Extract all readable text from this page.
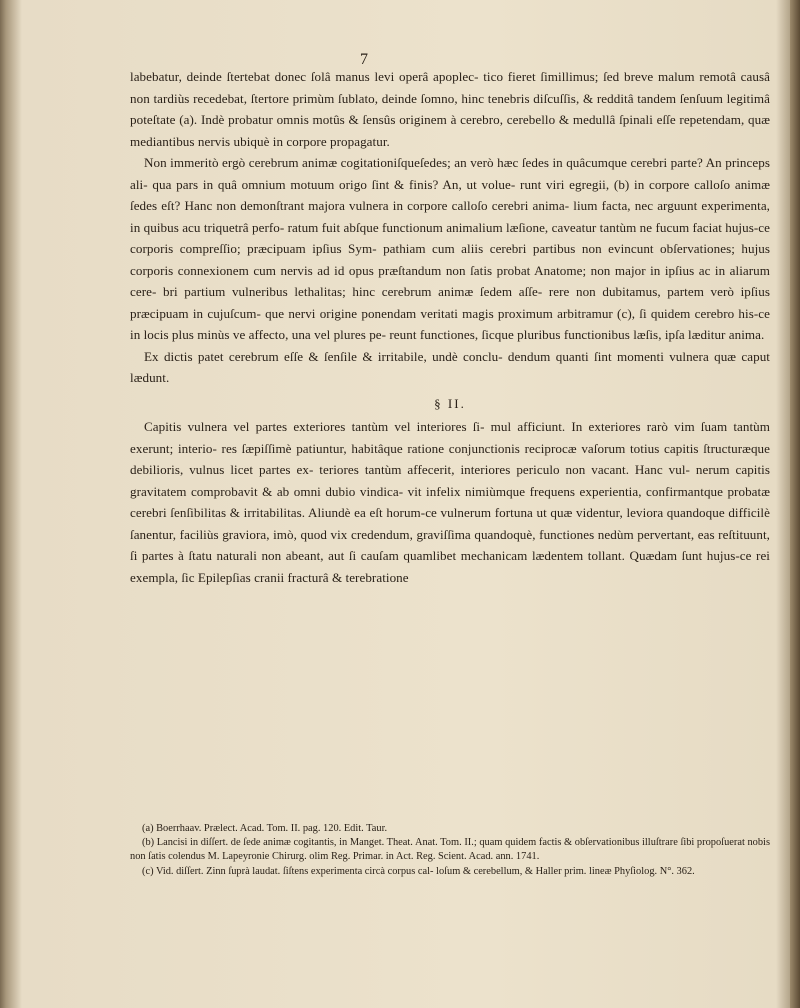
7

labebatur, deinde ſtertebat donec ſolâ manus levi operâ apoplec- tico fieret ſimillimus; ſed breve malum remotâ causâ non tardiùs recedebat, ſtertore primùm ſublato, deinde ſomno, hinc tenebris diſcuſſis, & redditâ tandem ſenſuum legitimâ poteſtate (a). Indè probatur omnis motûs & ſensûs originem à cerebro, cerebello & medullâ ſpinali eſſe repetendam, quæ mediantibus nervis ubiquè in corpore propagatur.

Non immeritò ergò cerebrum animæ cogitationiſqueſedes; an verò hæc ſedes in quâcumque cerebri parte? An princeps ali- qua pars in quâ omnium motuum origo ſint & finis? An, ut volue- runt viri egregii, (b) in corpore calloſo animæ ſedes eſt? Hanc non demonſtrant majora vulnera in corpore calloſo cerebri anima- lium facta, nec arguunt experimenta, in quibus acu triquetrâ perfo- ratum fuit abſque functionum animalium læſione, caveatur tantùm ne fucum faciat hujus-ce corporis compreſſio; præcipuam ipſius Sym- pathiam cum aliis cerebri partibus non evincunt obſervationes; hujus corporis connexionem cum nervis ad id opus præſtandum non ſatis probat Anatome; non major in ipſius ac in aliarum cere- bri partium vulneribus lethalitas; hinc cerebrum animæ ſedem aſſe- rere non dubitamus, partem verò ipſius præcipuam in cujuſcum- que nervi origine ponendam veritati magis proximum arbitramur (c), ſi quidem cerebro his-ce in locis plus minùs ve affecto, una vel plures pe- reunt functiones, ſicque pluribus functionibus læſis, ipſa læditur anima.

Ex dictis patet cerebrum eſſe & ſenſile & irritabile, undè conclu- dendum quanti ſint momenti vulnera quæ caput lædunt.

§ II.

Capitis vulnera vel partes exteriores tantùm vel interiores ſi- mul afficiunt. In exteriores rarò vim ſuam tantùm exerunt; interio- res ſæpiſſimè patiuntur, habitâque ratione conjunctionis reciprocæ vaſorum totius capitis ſtructuræque debilioris, vulnus licet partes ex- teriores tantùm affecerit, interiores periculo non vacant. Hanc vul- nerum capitis gravitatem comprobavit & ab omni dubio vindica- vit infelix nimiùmque frequens experientia, confirmantque probatæ cerebri ſenſibilitas & irritabilitas. Aliundè ea eſt horum-ce vulnerum fortuna ut quæ videntur, leviora quandoque difficilè ſanentur, faciliùs graviora, imò, quod vix credendum, graviſſima quandoquè, functiones nedùm pervertant, eas reſtituunt, ſi partes à ſtatu naturali non abeant, aut ſi cauſam quamlibet mechanicam lædentem tollant. Quædam ſunt hujus-ce rei exempla, ſic Epilepſias cranii fracturâ & terebratione

(a) Boerrhaav. Prælect. Acad. Tom. II. pag. 120. Edit. Taur.

(b) Lancisi in diſſert. de ſede animæ cogitantis, in Manget. Theat. Anat. Tom. II.; quam quidem factis & obſervationibus illuſtrare ſibi propoſuerat nobis non ſatis colendus M. Lapeyronie Chirurg. olim Reg. Primar. in Act. Reg. Scient. Acad. ann. 1741.

(c) Vid. diſſert. Zinn ſuprà laudat. ſiſtens experimenta circà corpus cal- loſum & cerebellum, & Haller prim. lineæ Phyſiolog. N°. 362.
